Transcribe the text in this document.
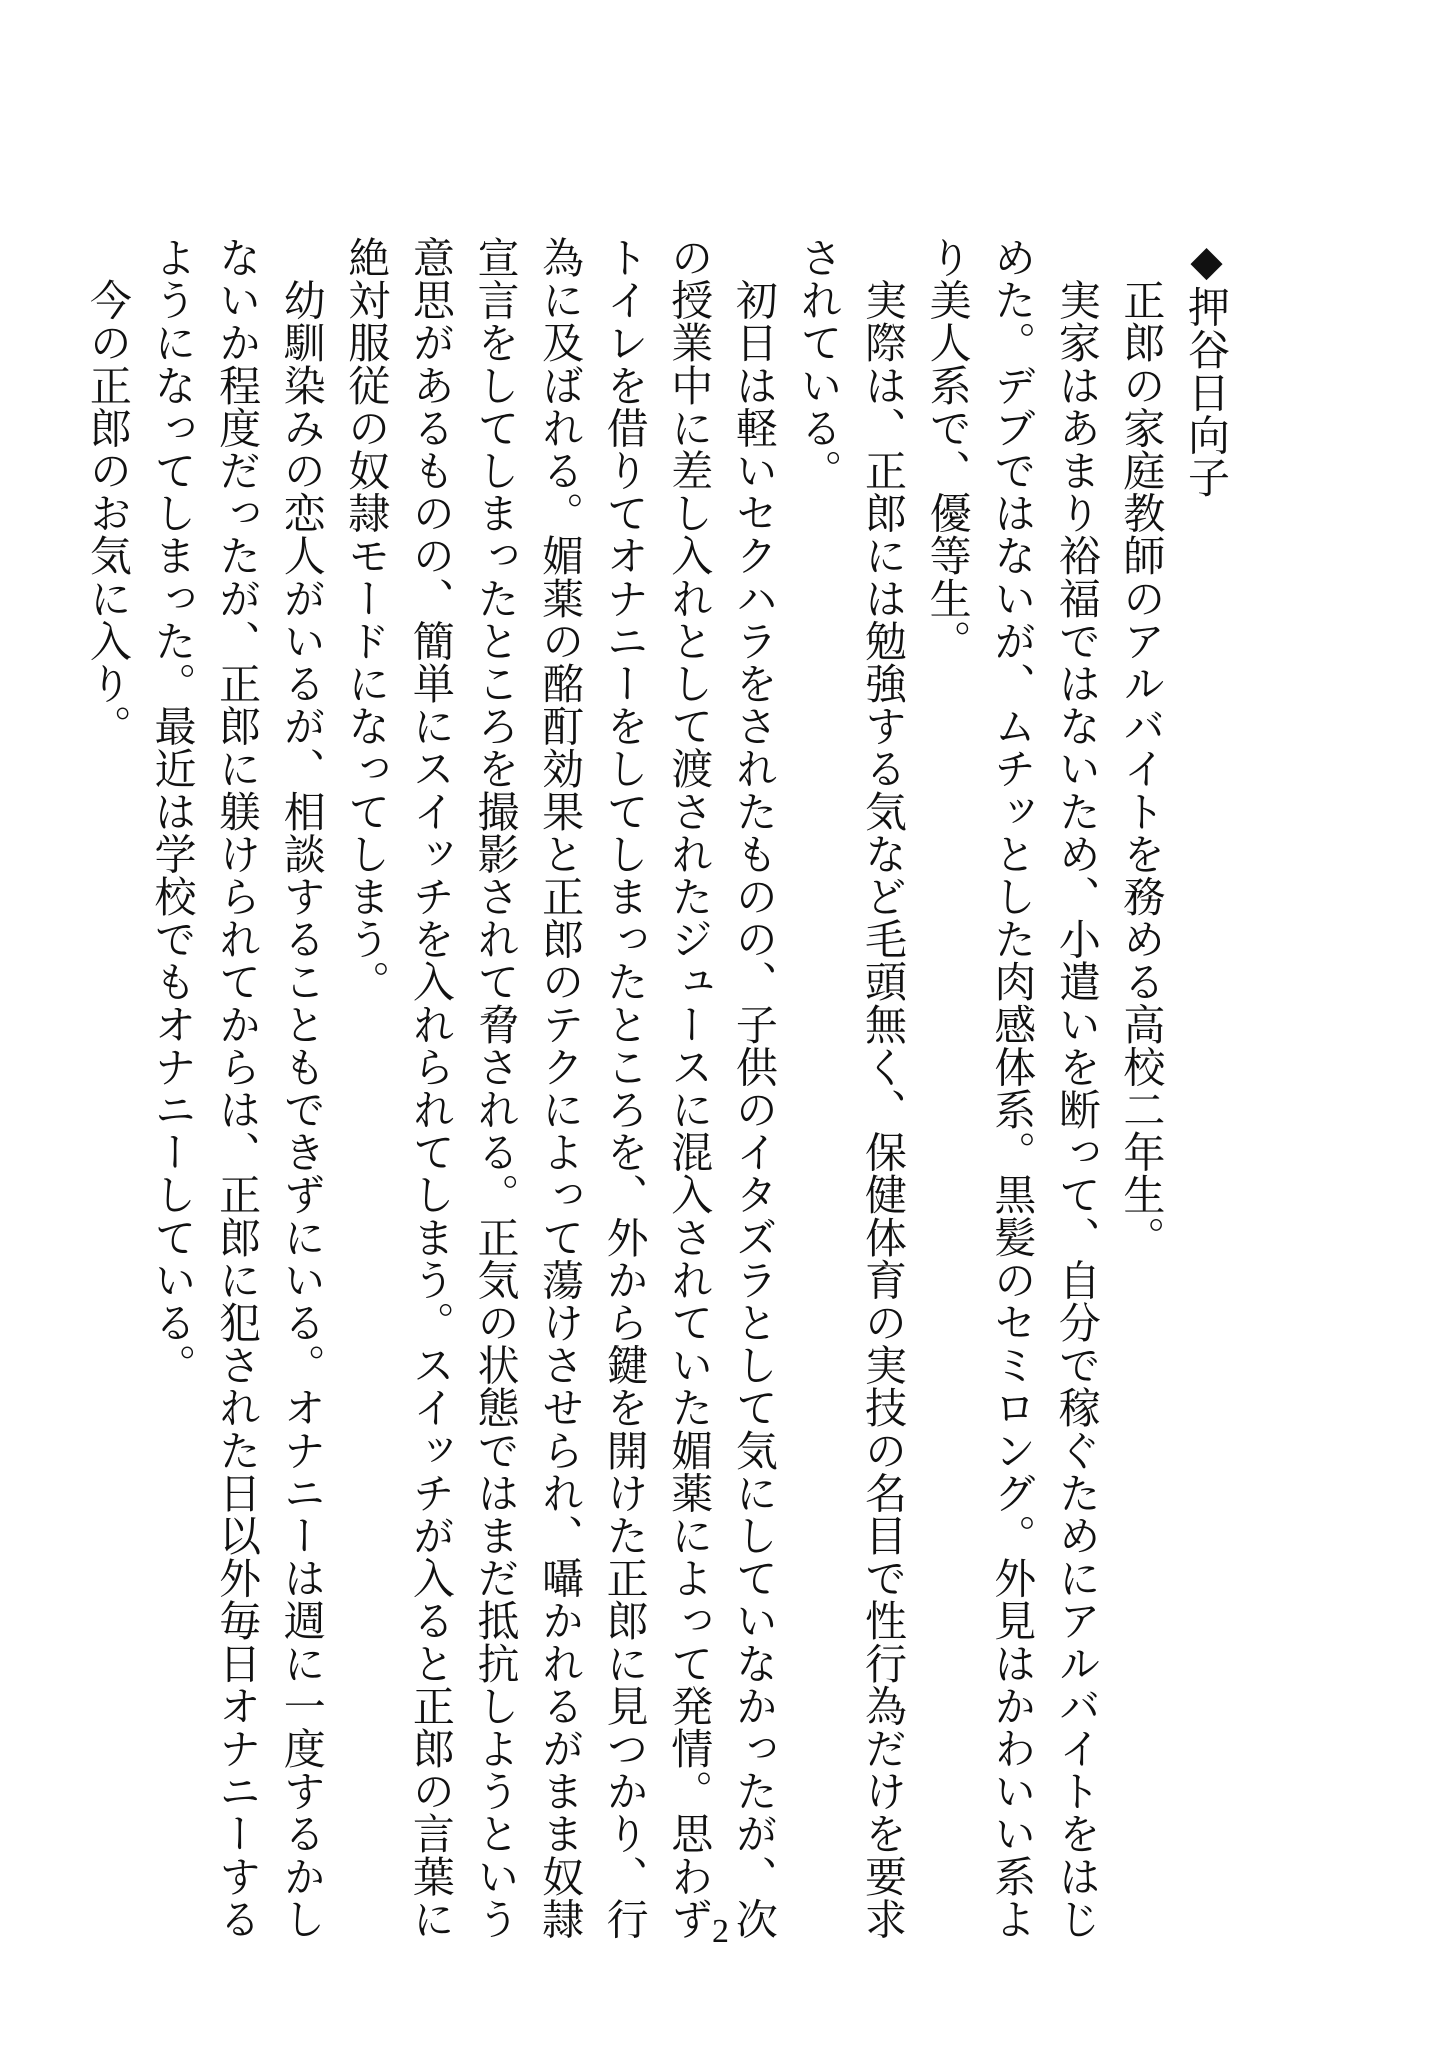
◆押谷日向子
　正郎の家庭教師のアルバイトを務める高校二年生。
　実家はあまり裕福ではないため、小遣いを断って、自分で稼ぐためにアルバイトをはじ
めた。デブではないが、ムチッとした肉感体系。黒髪のセミロング。外見はかわいい系よ
り美人系で、優等生。
　実際は、正郎には勉強する気など毛頭無く、保健体育の実技の名目で性行為だけを要求
されている。
　初日は軽いセクハラをされたものの、子供のイタズラとして気にしていなかったが、次
の授業中に差し入れとして渡されたジュースに混入されていた媚薬によって発情。思わず
トイレを借りてオナニーをしてしまったところを、外から鍵を開けた正郎に見つかり、行
為に及ばれる。媚薬の酩酊効果と正郎のテクによって蕩けさせられ、囁かれるがまま奴隷
宣言をしてしまったところを撮影されて脅される。正気の状態ではまだ抵抗しようという
意思があるものの、簡単にスイッチを入れられてしまう。スイッチが入ると正郎の言葉に
絶対服従の奴隷モードになってしまう。
　幼馴染みの恋人がいるが、相談することもできずにいる。オナニーは週に一度するかし
ないか程度だったが、正郎に躾けられてからは、正郎に犯された日以外毎日オナニーする
ようになってしまった。最近は学校でもオナニーしている。
　今の正郎のお気に入り。
2
